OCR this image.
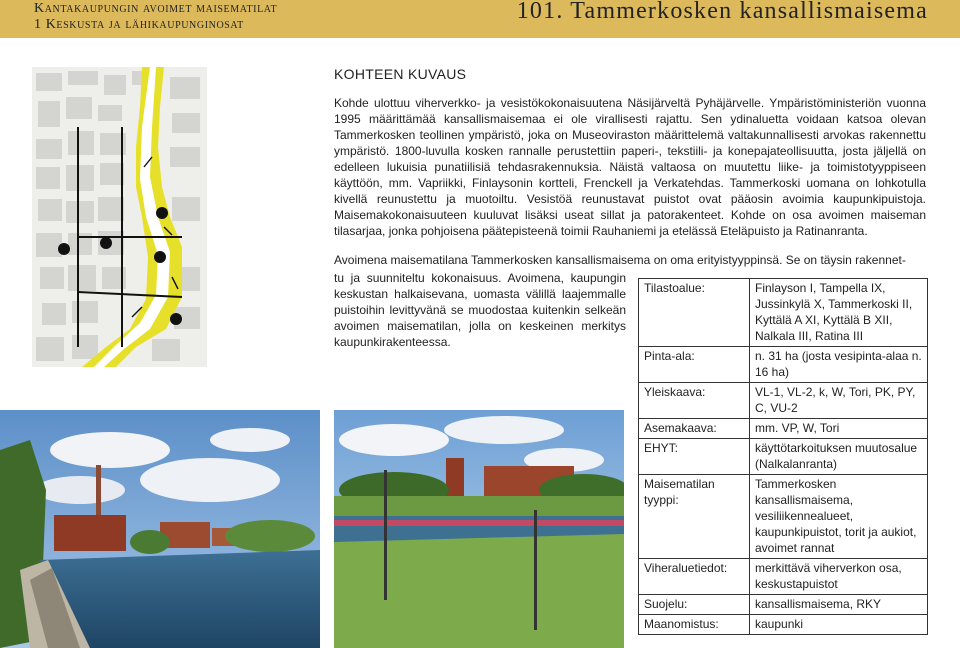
Kantakaupungin avoimet maisematilat
1 Keskusta ja lähikaupunginosat
101. Tammerkosken kansallismaisema
KOHTEEN KUVAUS

Kohde ulottuu viherverkko- ja vesistökokonaisuutena Näsijärveltä Pyhäjärvelle. Ympäristöministeriön vuonna 1995 määrittämää kansallismaisemaa ei ole virallisesti rajattu. Sen ydinaluetta voidaan katsoa olevan Tammerkosken teollinen ympäristö, joka on Museoviraston määrittelemä valtakunnallisesti arvokas rakennettu ympäristö. 1800-luvulla kosken rannalle perustettiin paperi-, tekstiili- ja konepajateollisuutta, josta jäljellä on edelleen lukuisia punatiilisiä tehdasrakennuksia. Näistä valtaosa on muutettu liike- ja toimistotyyppiseen käyttöön, mm. Vapriikki, Finlaysonin kortteli, Frenckell ja Verkatehdas. Tammerkoski uomana on lohkotulla kivellä reunustettu ja muotoiltu. Vesistöä reunustavat puistot ovat pääosin avoimia kaupunkipuistoja. Maisemakokonaisuuteen kuuluvat lisäksi useat sillat ja patorakenteet. Kohde on osa avoimen maiseman tilasarjaa, jonka pohjoisena päätepisteenä toimii Rauhaniemi ja etelässä Eteläpuisto ja Ratinanranta.

Avoimena maisematilana Tammerkosken kansallismaisema on oma erityistyyppinsä. Se on täysin rakennet-

tu ja suunniteltu kokonaisuus. Avoimena, kaupungin keskustan halkaisevana, uomasta välillä laajemmalle puistoihin levittyvänä se muodostaa kuitenkin selkeän avoimen maisematilan, jolla on keskeinen merkitys kaupunkirakenteessa.

Tilastoalue:	Finlayson I, Tampella IX, Jussinkylä X, Tammerkoski II, Kyttälä A XI, Kyttälä B XII, Nalkala III, Ratina III
Pinta-ala:	n. 31 ha (josta vesipinta-alaa n. 16 ha)
Yleiskaava:	VL-1, VL-2, k, W, Tori, PK, PY, C, VU-2
Asemakaava:	mm. VP, W, Tori
EHYT:	käyttötarkoituksen muutosalue (Nalkalanranta)
Maisematilan tyyppi:	Tammerkosken kansallismaisema, vesiliikennealueet, kaupunkipuistot, torit ja aukiot, avoimet rannat
Viheraluetiedot:	merkittävä viherverkon osa, keskustapuistot
Suojelu:	kansallismaisema, RKY
Maanomistus:	kaupunki
